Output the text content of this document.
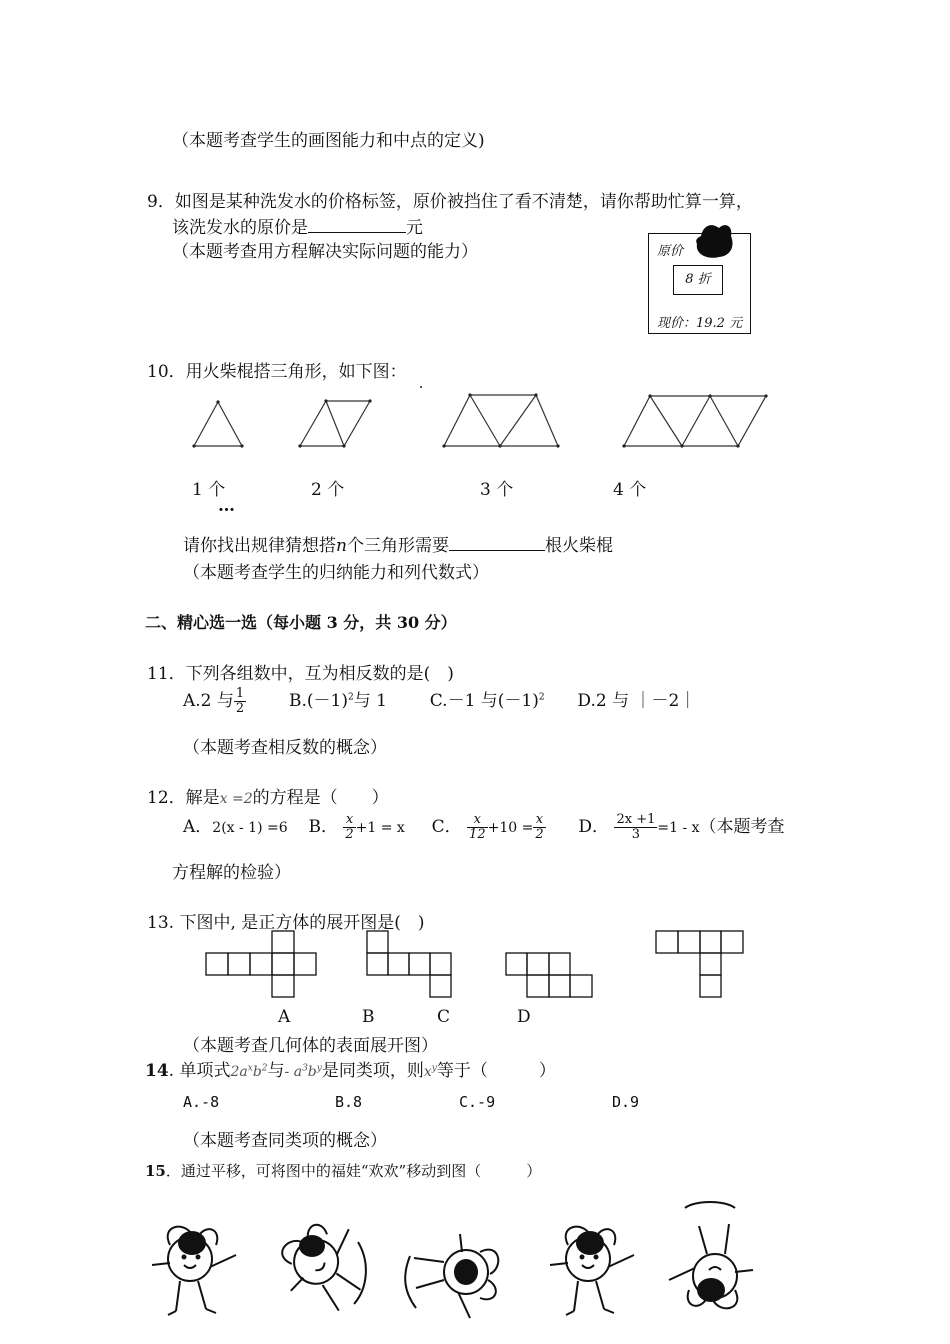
（本题考查学生的画图能力和中点的定义)
9．如图是某种洗发水的价格标签，原价被挡住了看不清楚，请你帮助忙算一算，
该洗发水的原价是	元
（本题考查用方程解决实际问题的能力）	原价
8 折
现价：19.2 元
10．用火柴棍搭三角形，如下图：
1 个	2 个	3 个	4 个
…
请你找出规律猜想搭n个三角形需要	根火柴棍
（本题考查学生的归纳能力和列代数式）
二、精心选一选（每小题 3 分，共 30 分）
11．下列各组数中，互为相反数的是(　)
A.2 与 $\frac{1}{2}$	$B.(-1)^2$与 1	C.－1 与$(-1)^2$ D.2 与 ｜－2｜
（本题考查相反数的概念）
12．解是x =2的方程是（　　）
A．2(x - 1) =6 B． $\frac{x}{2} +1 = x$ C． $\frac{x}{12} +10 = \frac{x}{2}$ D． $\frac{2x +1}{3} =1 - x$（本题考查
方程解的检验）
13. 下图中, 是正方体的展开图是(　)
A	B	C	D
（本题考查几何体的表面展开图）
14. 单项式$2a^xb^2$与- $a^3b^y$是同类项，则$x^y$等于（　　　）
A.-8	B.8	C.-9	D.9
（本题考查同类项的概念）
15．通过平移，可将图中的福娃“欢欢”移动到图（　　　）
